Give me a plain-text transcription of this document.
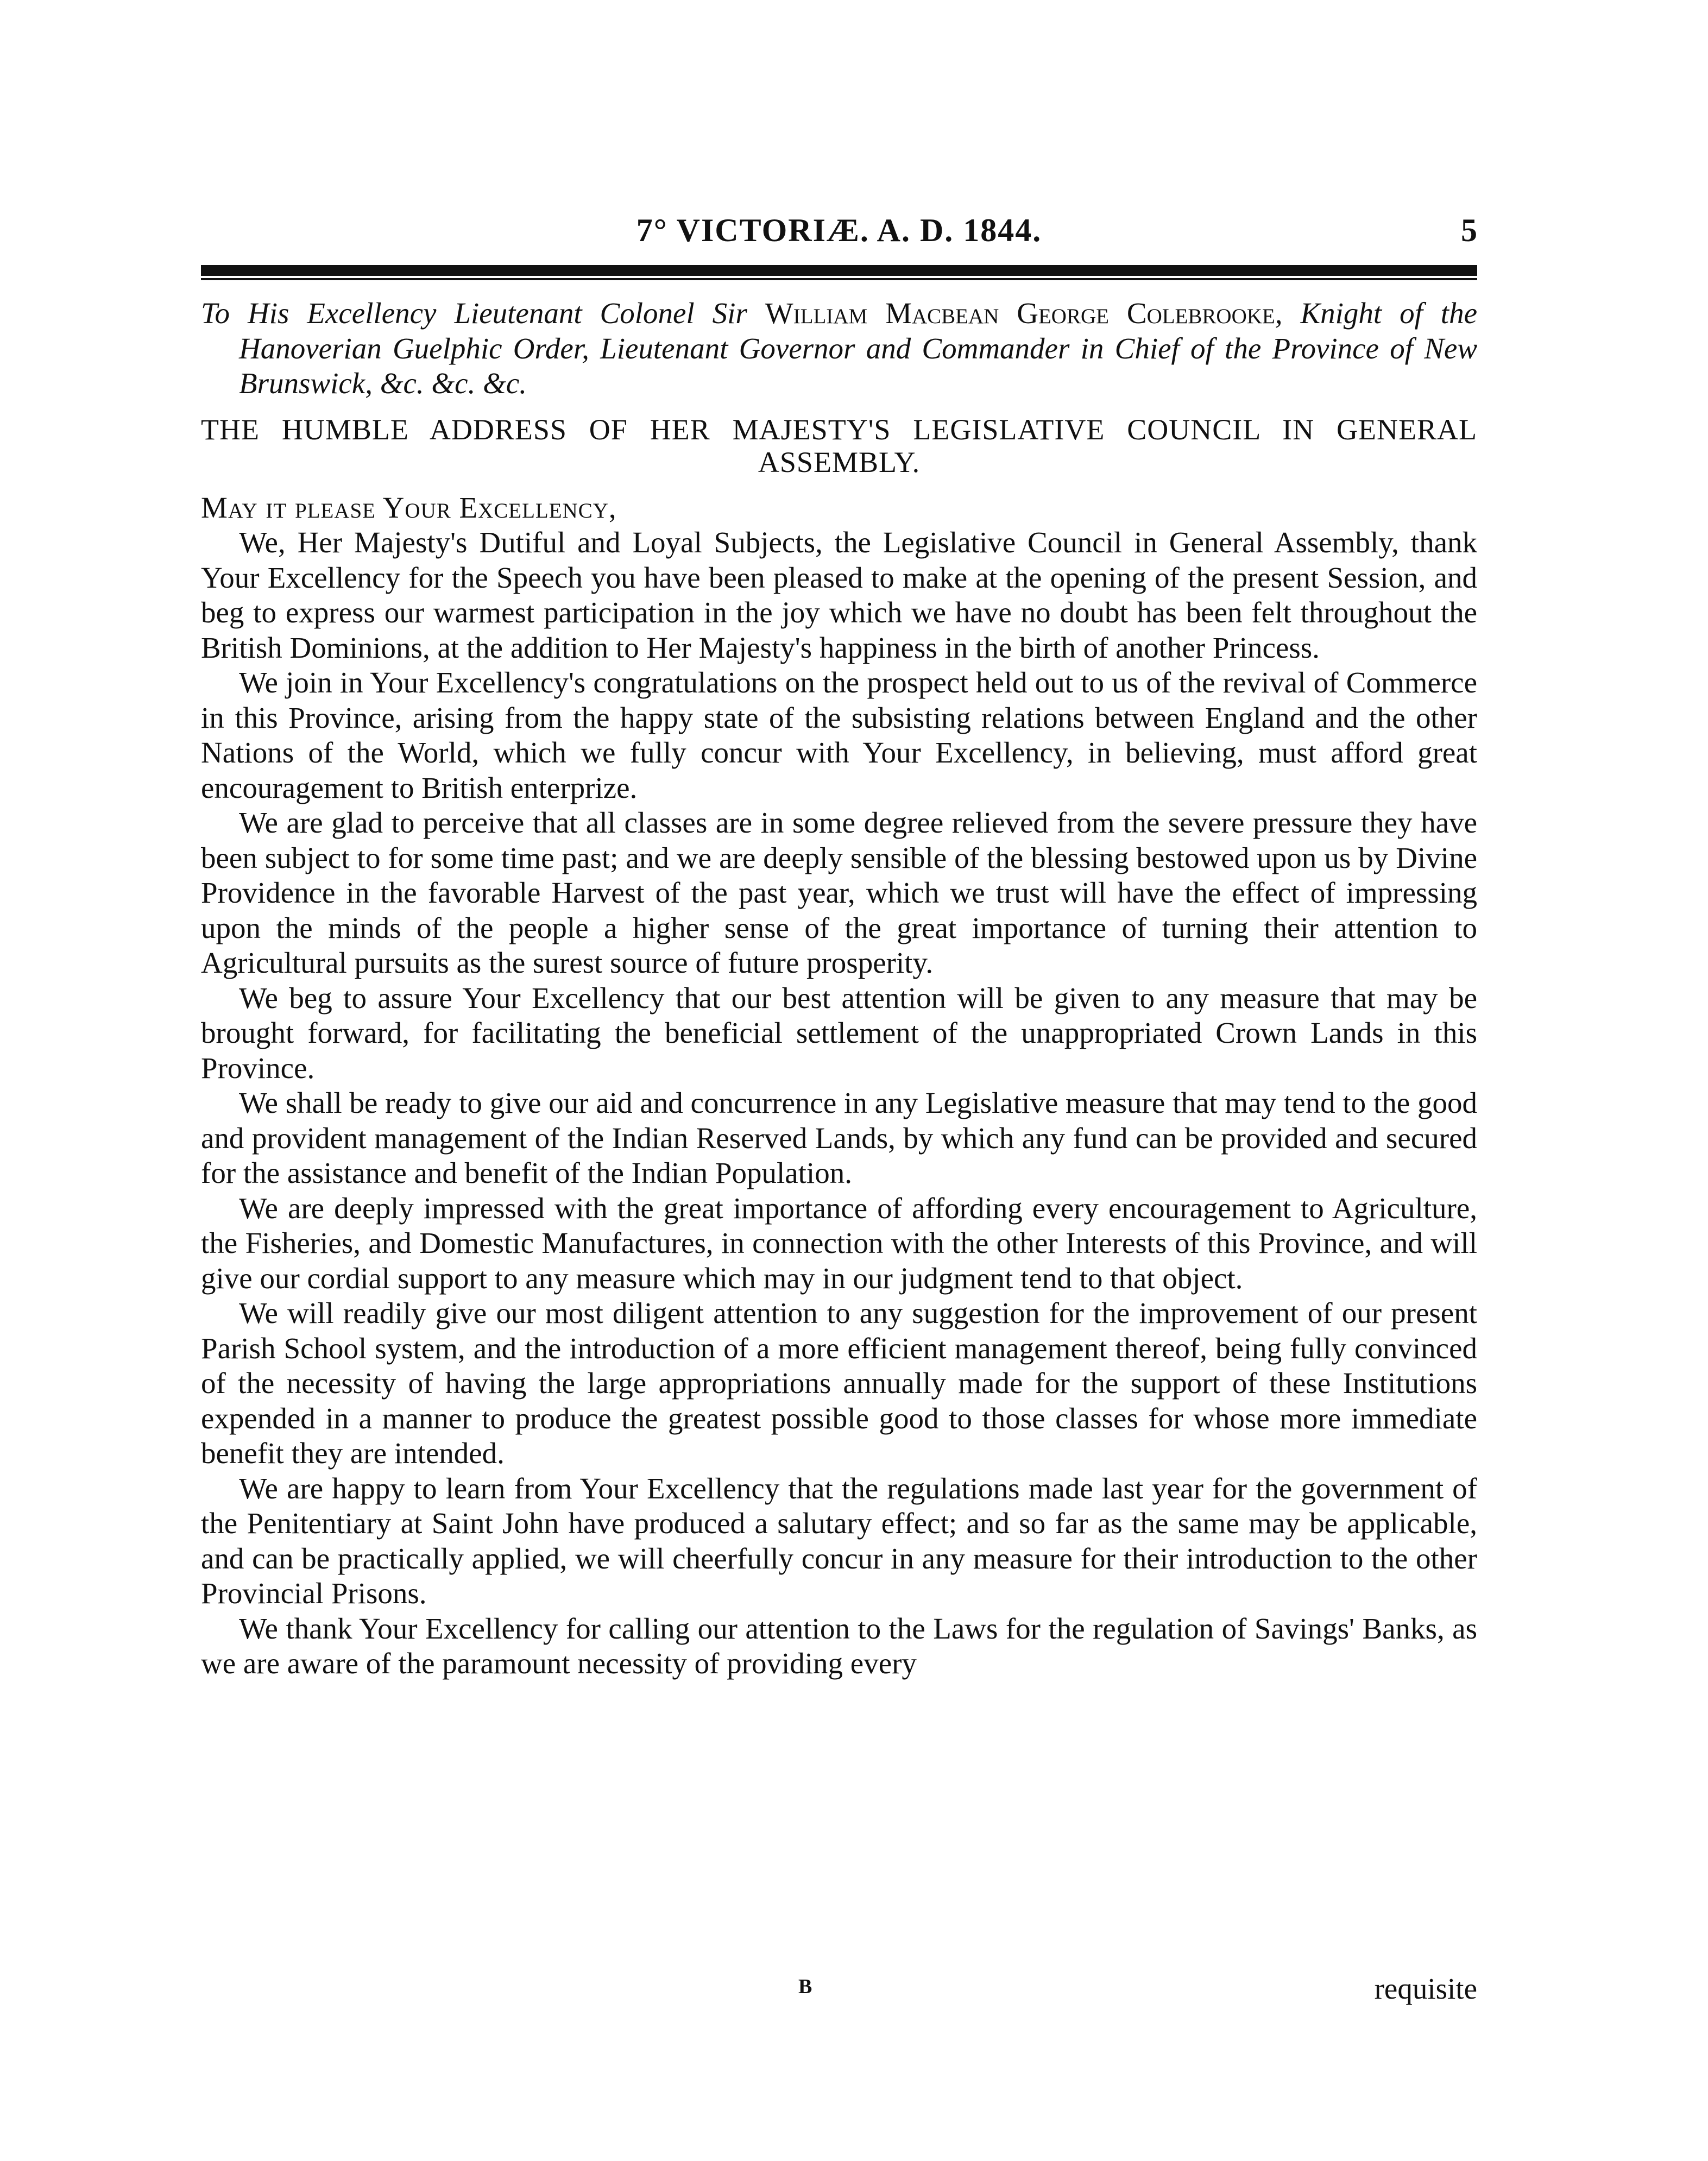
7° VICTORIÆ. A. D. 1844.	5

To His Excellency Lieutenant Colonel Sir William Macbean George Colebrooke, Knight of the Hanoverian Guelphic Order, Lieutenant Governor and Commander in Chief of the Province of New Brunswick, &c. &c. &c.

THE HUMBLE ADDRESS OF HER MAJESTY'S LEGISLATIVE COUNCIL IN GENERAL ASSEMBLY.

May it please Your Excellency,

We, Her Majesty's Dutiful and Loyal Subjects, the Legislative Council in General Assembly, thank Your Excellency for the Speech you have been pleased to make at the opening of the present Session, and beg to express our warmest participation in the joy which we have no doubt has been felt throughout the British Dominions, at the addition to Her Majesty's happiness in the birth of another Princess.

We join in Your Excellency's congratulations on the prospect held out to us of the revival of Commerce in this Province, arising from the happy state of the subsisting relations between England and the other Nations of the World, which we fully concur with Your Excellency, in believing, must afford great encouragement to British enterprize.

We are glad to perceive that all classes are in some degree relieved from the severe pressure they have been subject to for some time past; and we are deeply sensible of the blessing bestowed upon us by Divine Providence in the favorable Harvest of the past year, which we trust will have the effect of impressing upon the minds of the people a higher sense of the great importance of turning their attention to Agricultural pursuits as the surest source of future prosperity.

We beg to assure Your Excellency that our best attention will be given to any measure that may be brought forward, for facilitating the beneficial settlement of the unappropriated Crown Lands in this Province.

We shall be ready to give our aid and concurrence in any Legislative measure that may tend to the good and provident management of the Indian Reserved Lands, by which any fund can be provided and secured for the assistance and benefit of the Indian Population.

We are deeply impressed with the great importance of affording every encouragement to Agriculture, the Fisheries, and Domestic Manufactures, in connection with the other Interests of this Province, and will give our cordial support to any measure which may in our judgment tend to that object.

We will readily give our most diligent attention to any suggestion for the improvement of our present Parish School system, and the introduction of a more efficient management thereof, being fully convinced of the necessity of having the large appropriations annually made for the support of these Institutions expended in a manner to produce the greatest possible good to those classes for whose more immediate benefit they are intended.

We are happy to learn from Your Excellency that the regulations made last year for the government of the Penitentiary at Saint John have produced a salutary effect; and so far as the same may be applicable, and can be practically applied, we will cheerfully concur in any measure for their introduction to the other Provincial Prisons.

We thank Your Excellency for calling our attention to the Laws for the regulation of Savings' Banks, as we are aware of the paramount necessity of providing every

B	requisite
